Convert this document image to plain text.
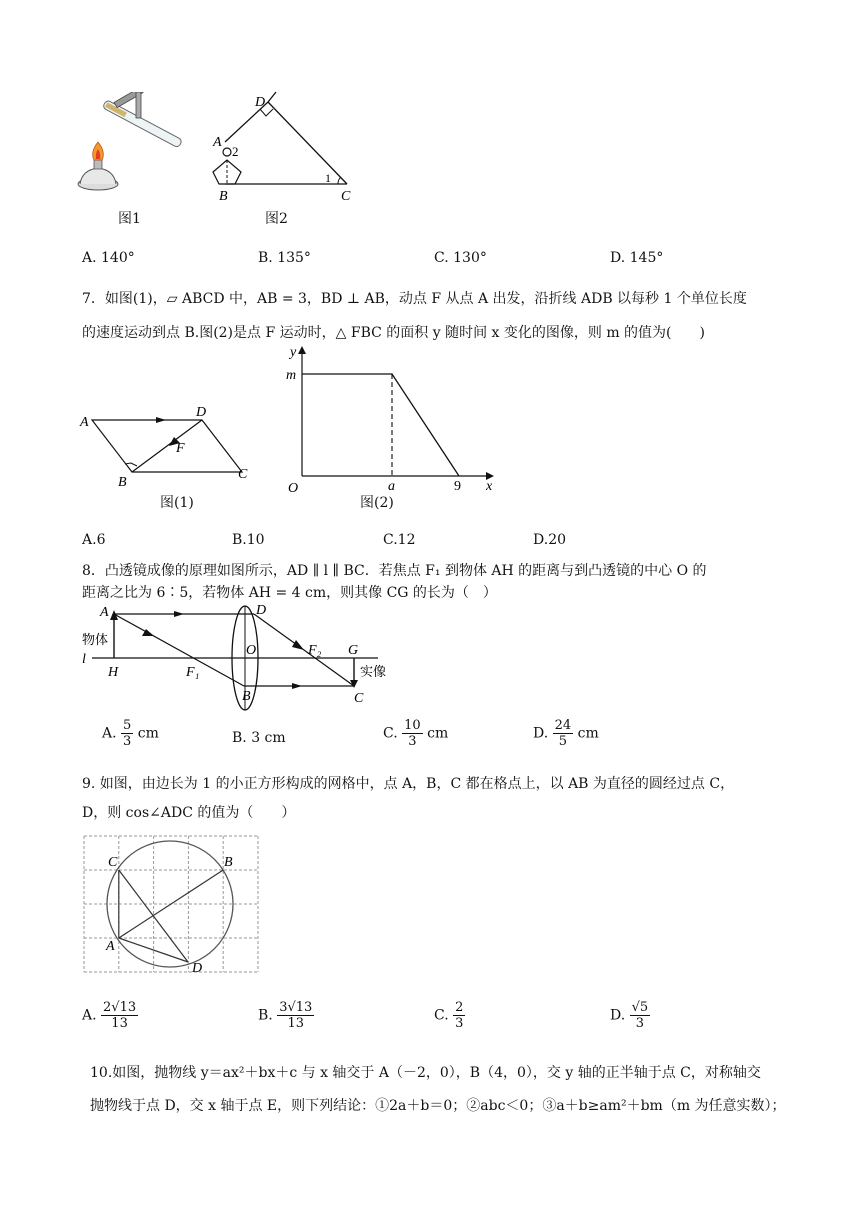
图1
D
A
2
B	C
1
图2
A. 140°	B. 135°	C. 130°	D. 145°
7．如图(1)，▱ ABCD 中，AB = 3，BD ⊥ AB，动点 F 从点 A 出发，沿折线 ADB 以每秒 1 个单位长度
的速度运动到点 B.图(2)是点 F 运动时，△ FBC 的面积 y 随时间 x 变化的图像，则 m 的值为(　　)
A
D
F
B
C
图(1)
y
m
O	a	9 x
图(2)
A.6	B.10	C.12	D.20
8．凸透镜成像的原理如图所示，AD ∥ l ∥ BC．若焦点 F₁ 到物体 AH 的距离与到凸透镜的中心 O 的
距离之比为 6∶5，若物体 AH = 4 cm，则其像 CG 的长为（　）
A	D
物体
l
H	F₁
O	F₂ G
实像
B	C
A. $\frac{5}{3}$ cm	B. 3 cm	C. $\frac{10}{3}$ cm	D. $\frac{24}{5}$ cm
9. 如图，由边长为 1 的小正方形构成的网格中，点 A，B，C 都在格点上，以 AB 为直径的圆经过点 C，
D，则 cos∠ADC 的值为（　　）
C	B
A
D
A. $\frac{2√13}{13}$	B. $\frac{3√13}{13}$	C. $\frac{2}{3}$	D. $\frac{√5}{3}$
10.如图，抛物线 y＝ax²＋bx＋c 与 x 轴交于 A（－2，0），B（4，0），交 y 轴的正半轴于点 C，对称轴交
抛物线于点 D，交 x 轴于点 E，则下列结论：①2a＋b＝0；②abc＜0；③a＋b≥am²＋bm（m 为任意实数）；
